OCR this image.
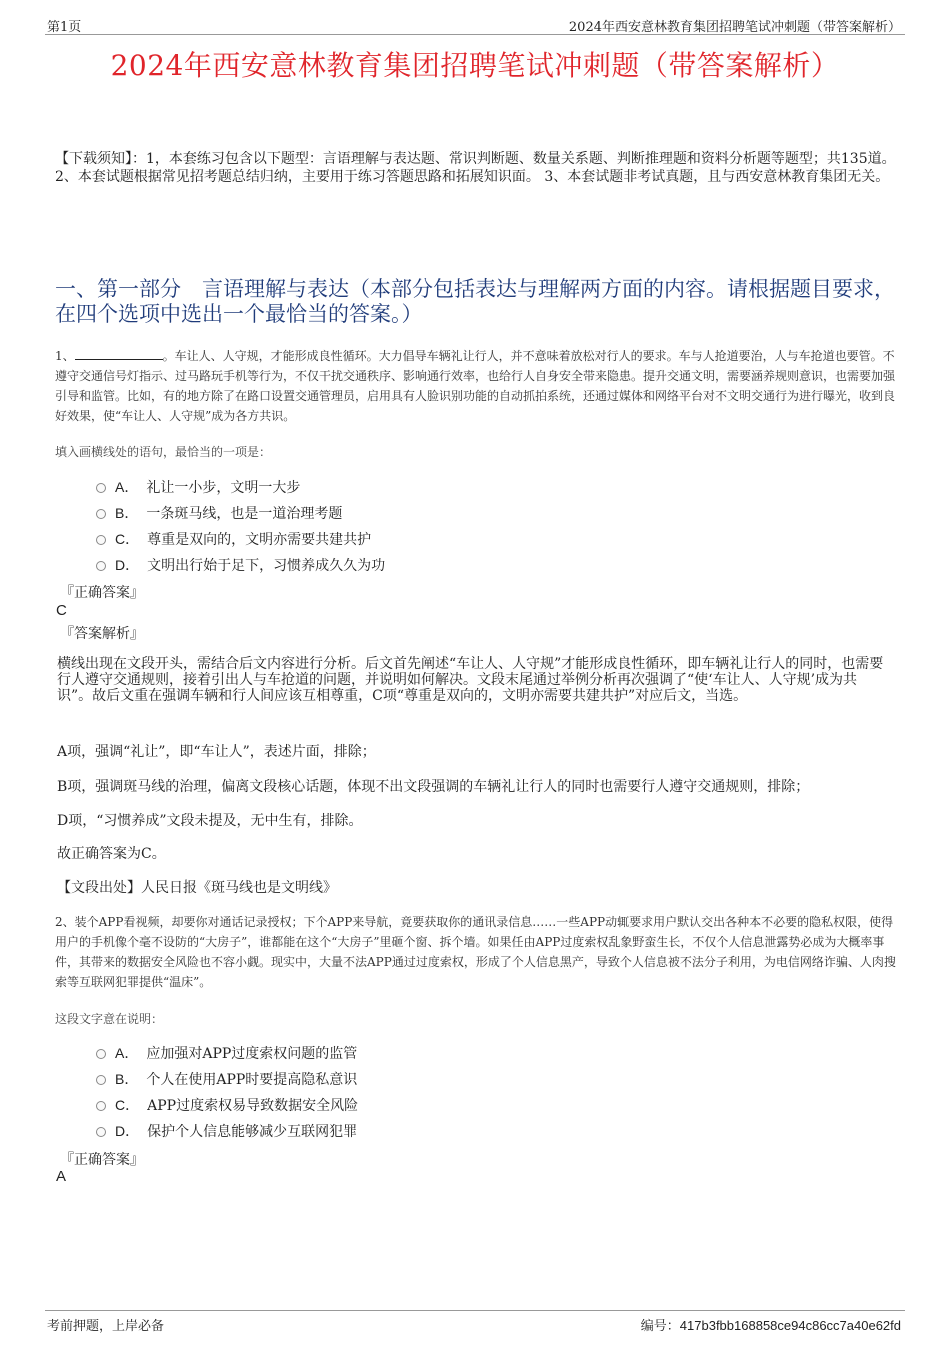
第1页	2024年西安意林教育集团招聘笔试冲刺题（带答案解析）
2024年西安意林教育集团招聘笔试冲刺题（带答案解析）
【下载须知】：1，本套练习包含以下题型：言语理解与表达题、常识判断题、数量关系题、判断推理题和资料分析题等题型；共135道。 2、本套试题根据常见招考题总结归纳，主要用于练习答题思路和拓展知识面。 3、本套试题非考试真题，且与西安意林教育集团无关。
一、第一部分　言语理解与表达（本部分包括表达与理解两方面的内容。请根据题目要求，在四个选项中选出一个最恰当的答案。）
1、	。车让人、人守规，才能形成良性循环。大力倡导车辆礼让行人，并不意味着放松对行人的要求。车与人抢道要治，人与车抢道也要管。不遵守交通信号灯指示、过马路玩手机等行为，不仅干扰交通秩序、影响通行效率，也给行人自身安全带来隐患。提升交通文明，需要涵养规则意识，也需要加强引导和监管。比如，有的地方除了在路口设置交通管理员，启用具有人脸识别功能的自动抓拍系统，还通过媒体和网络平台对不文明交通行为进行曝光，收到良好效果，使“车让人、人守规”成为各方共识。
填入画横线处的语句，最恰当的一项是：
A． 礼让一小步，文明一大步
B． 一条斑马线，也是一道治理考题
C． 尊重是双向的，文明亦需要共建共护
D． 文明出行始于足下，习惯养成久久为功
『正确答案』
C
『答案解析』
横线出现在文段开头，需结合后文内容进行分析。后文首先阐述“车让人、人守规”才能形成良性循环，即车辆礼让行人的同时，也需要行人遵守交通规则，接着引出人与车抢道的问题，并说明如何解决。文段末尾通过举例分析再次强调了“使‘车让人、人守规’成为共识”。故后文重在强调车辆和行人间应该互相尊重，C项“尊重是双向的，文明亦需要共建共护”对应后文，当选。
A项，强调“礼让”，即“车让人”，表述片面，排除；
B项，强调斑马线的治理，偏离文段核心话题，体现不出文段强调的车辆礼让行人的同时也需要行人遵守交通规则，排除；
D项，“习惯养成”文段未提及，无中生有，排除。
故正确答案为C。
【文段出处】人民日报《斑马线也是文明线》
2、装个APP看视频，却要你对通话记录授权；下个APP来导航，竟要获取你的通讯录信息……一些APP动辄要求用户默认交出各种本不必要的隐私权限，使得用户的手机像个毫不设防的“大房子”，谁都能在这个“大房子”里砸个窗、拆个墙。如果任由APP过度索权乱象野蛮生长，不仅个人信息泄露势必成为大概率事件，其带来的数据安全风险也不容小觑。现实中，大量不法APP通过过度索权，形成了个人信息黑产，导致个人信息被不法分子利用，为电信网络诈骗、人肉搜索等互联网犯罪提供“温床”。
这段文字意在说明：
A． 应加强对APP过度索权问题的监管
B． 个人在使用APP时要提高隐私意识
C． APP过度索权易导致数据安全风险
D． 保护个人信息能够减少互联网犯罪
『正确答案』
A
考前押题，上岸必备	编号：417b3fbb168858ce94c86cc7a40e62fd
